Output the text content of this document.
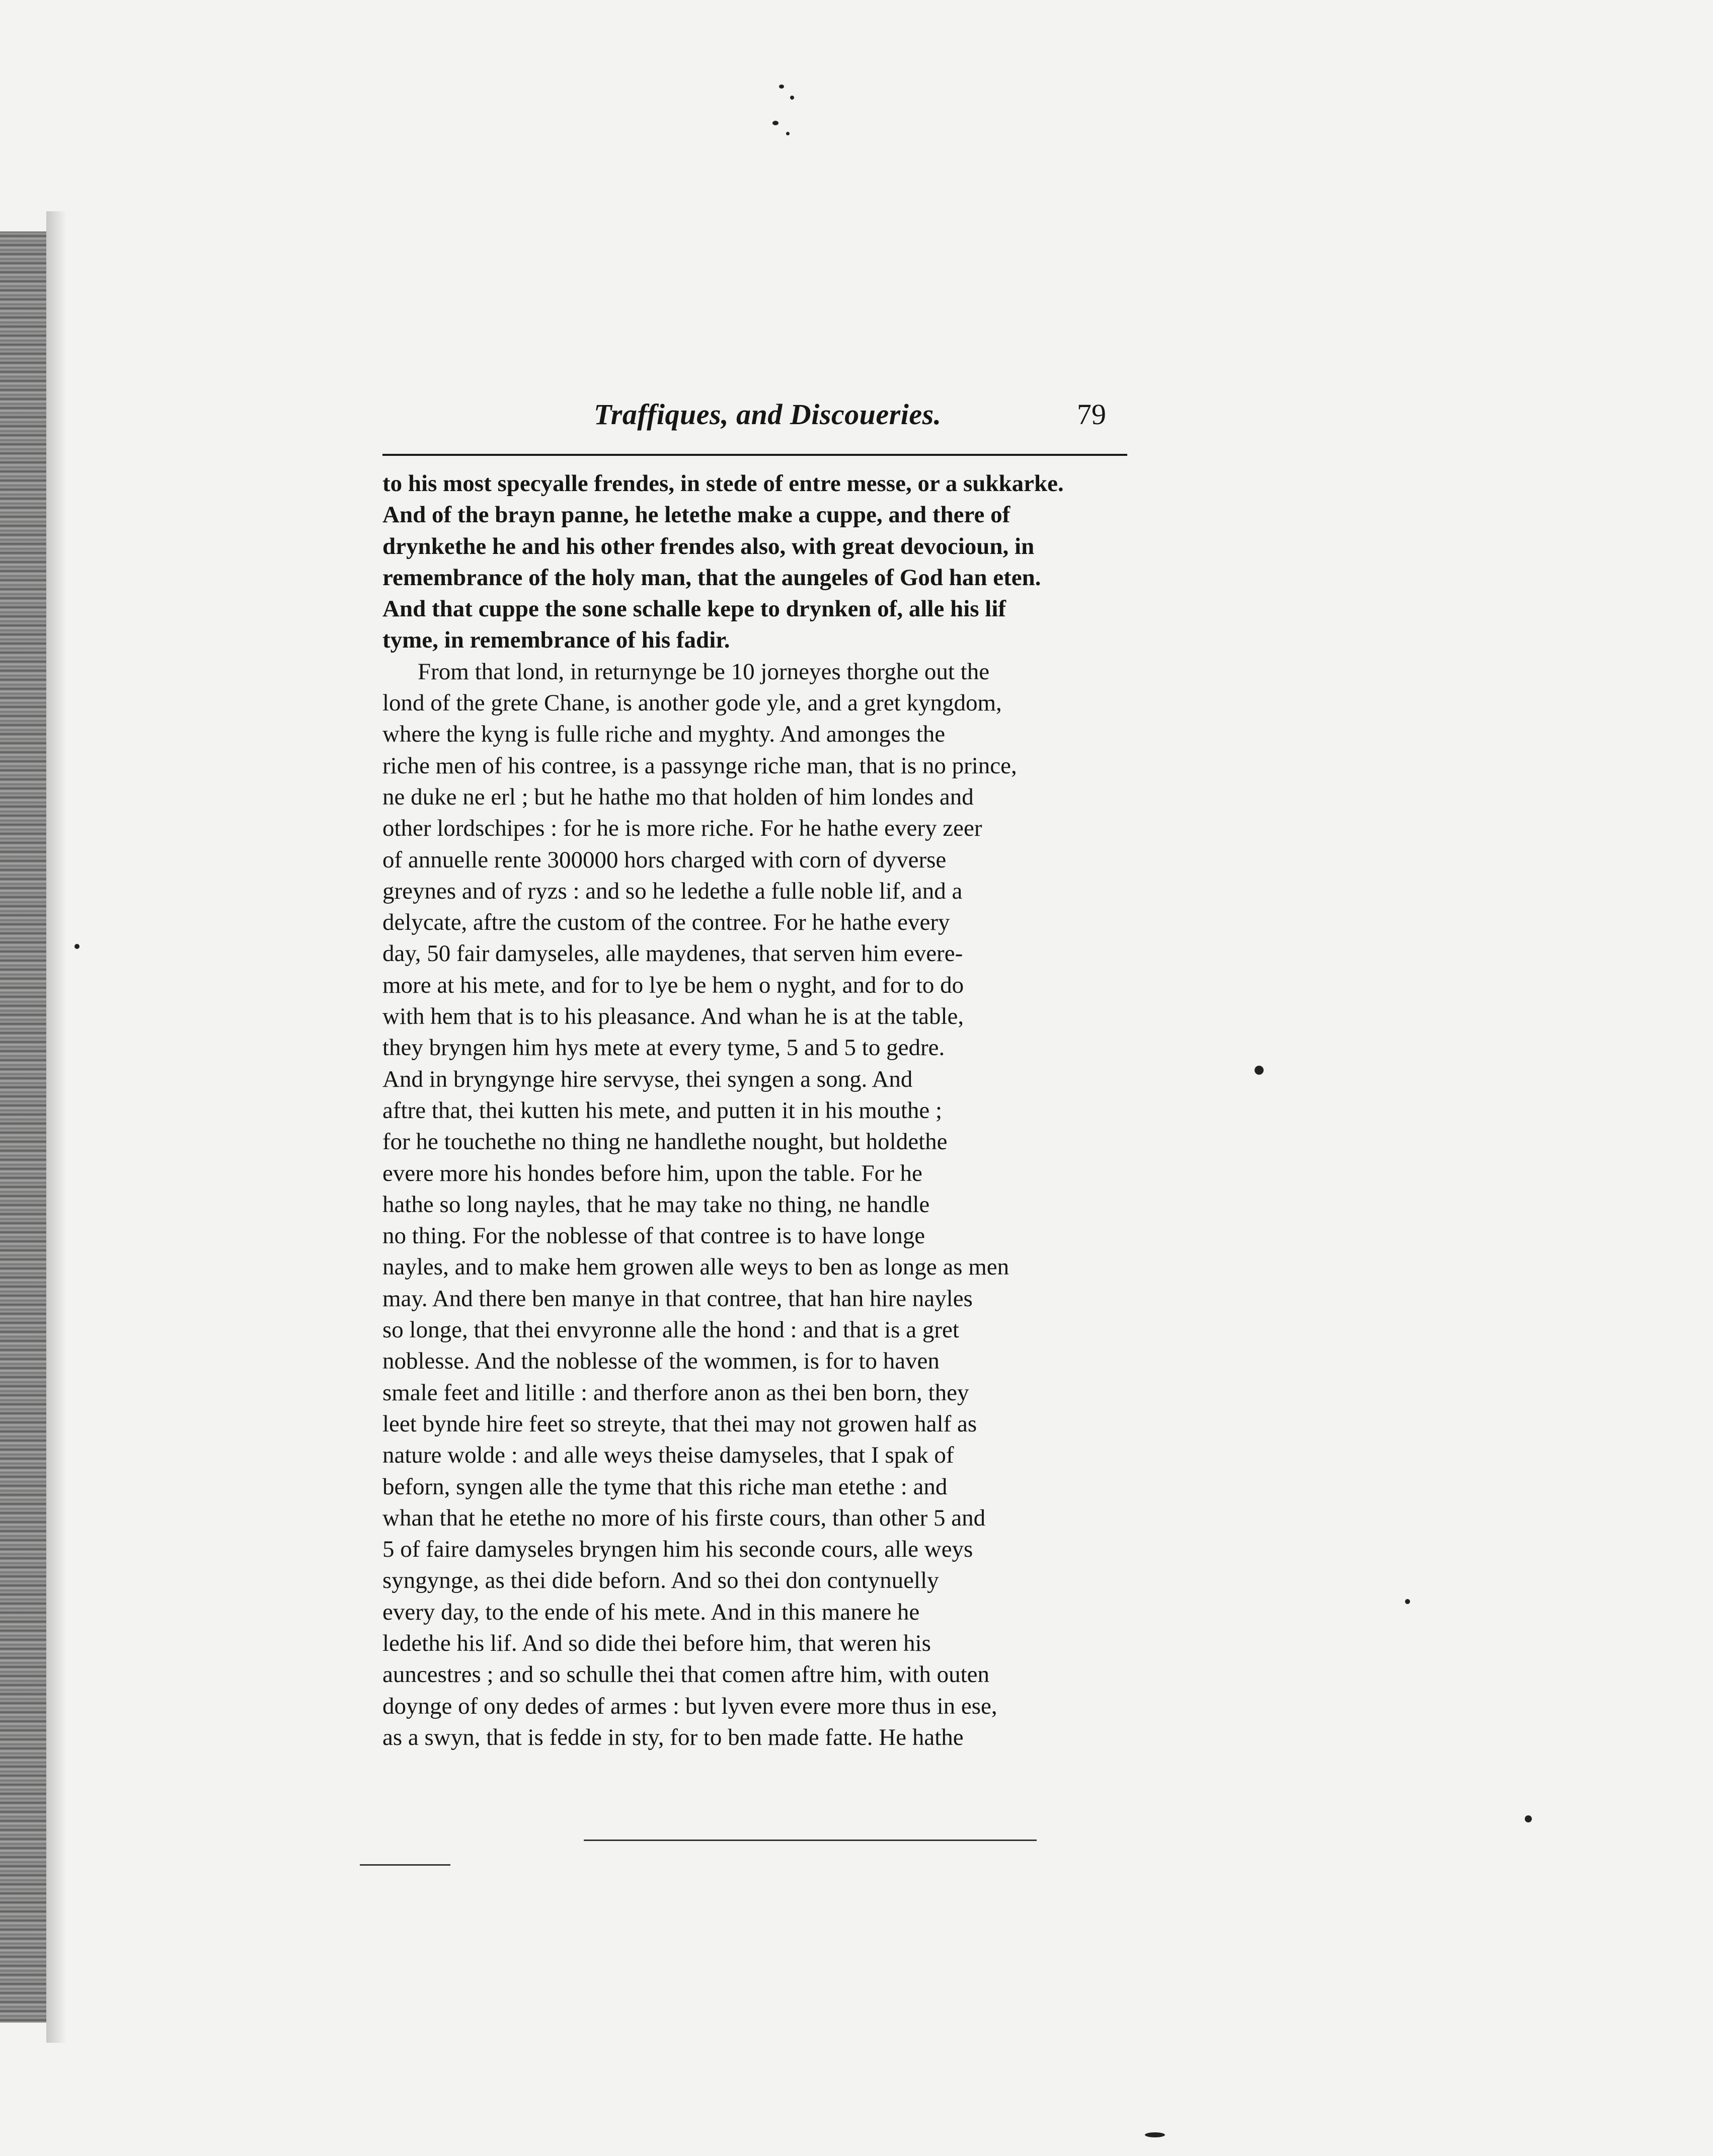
Traffiques, and Discoueries.	79
to his most specyalle frendes, in stede of entre messe, or a sukkarke.
And of the brayn panne, he letethe make a cuppe, and there of
drynkethe he and his other frendes also, with great devocioun, in
remembrance of the holy man, that the aungeles of God han eten.
And that cuppe the sone schalle kepe to drynken of, alle his lif
tyme, in remembrance of his fadir.
From that lond, in returnynge be 10 jorneyes thorghe out the
lond of the grete Chane, is another gode yle, and a gret kyngdom,
where the kyng is fulle riche and myghty. And amonges the
riche men of his contree, is a passynge riche man, that is no prince,
ne duke ne erl ; but he hathe mo that holden of him londes and
other lordschipes : for he is more riche. For he hathe every zeer
of annuelle rente 300000 hors charged with corn of dyverse
greynes and of ryzs : and so he ledethe a fulle noble lif, and a
delycate, aftre the custom of the contree. For he hathe every
day, 50 fair damyseles, alle maydenes, that serven him evere-
more at his mete, and for to lye be hem o nyght, and for to do
with hem that is to his pleasance. And whan he is at the table,
they bryngen him hys mete at every tyme, 5 and 5 to gedre.
And in bryngynge hire servyse, thei syngen a song. And
aftre that, thei kutten his mete, and putten it in his mouthe ;
for he touchethe no thing ne handlethe nought, but holdethe
evere more his hondes before him, upon the table. For he
hathe so long nayles, that he may take no thing, ne handle
no thing. For the noblesse of that contree is to have longe
nayles, and to make hem growen alle weys to ben as longe as men
may. And there ben manye in that contree, that han hire nayles
so longe, that thei envyronne alle the hond : and that is a gret
noblesse. And the noblesse of the wommen, is for to haven
smale feet and litille : and therfore anon as thei ben born, they
leet bynde hire feet so streyte, that thei may not growen half as
nature wolde : and alle weys theise damyseles, that I spak of
beforn, syngen alle the tyme that this riche man etethe : and
whan that he etethe no more of his firste cours, than other 5 and
5 of faire damyseles bryngen him his seconde cours, alle weys
syngynge, as thei dide beforn. And so thei don contynuelly
every day, to the ende of his mete. And in this manere he
ledethe his lif. And so dide thei before him, that weren his
auncestres ; and so schulle thei that comen aftre him, with outen
doynge of ony dedes of armes : but lyven evere more thus in ese,
as a swyn, that is fedde in sty, for to ben made fatte. He hathe
